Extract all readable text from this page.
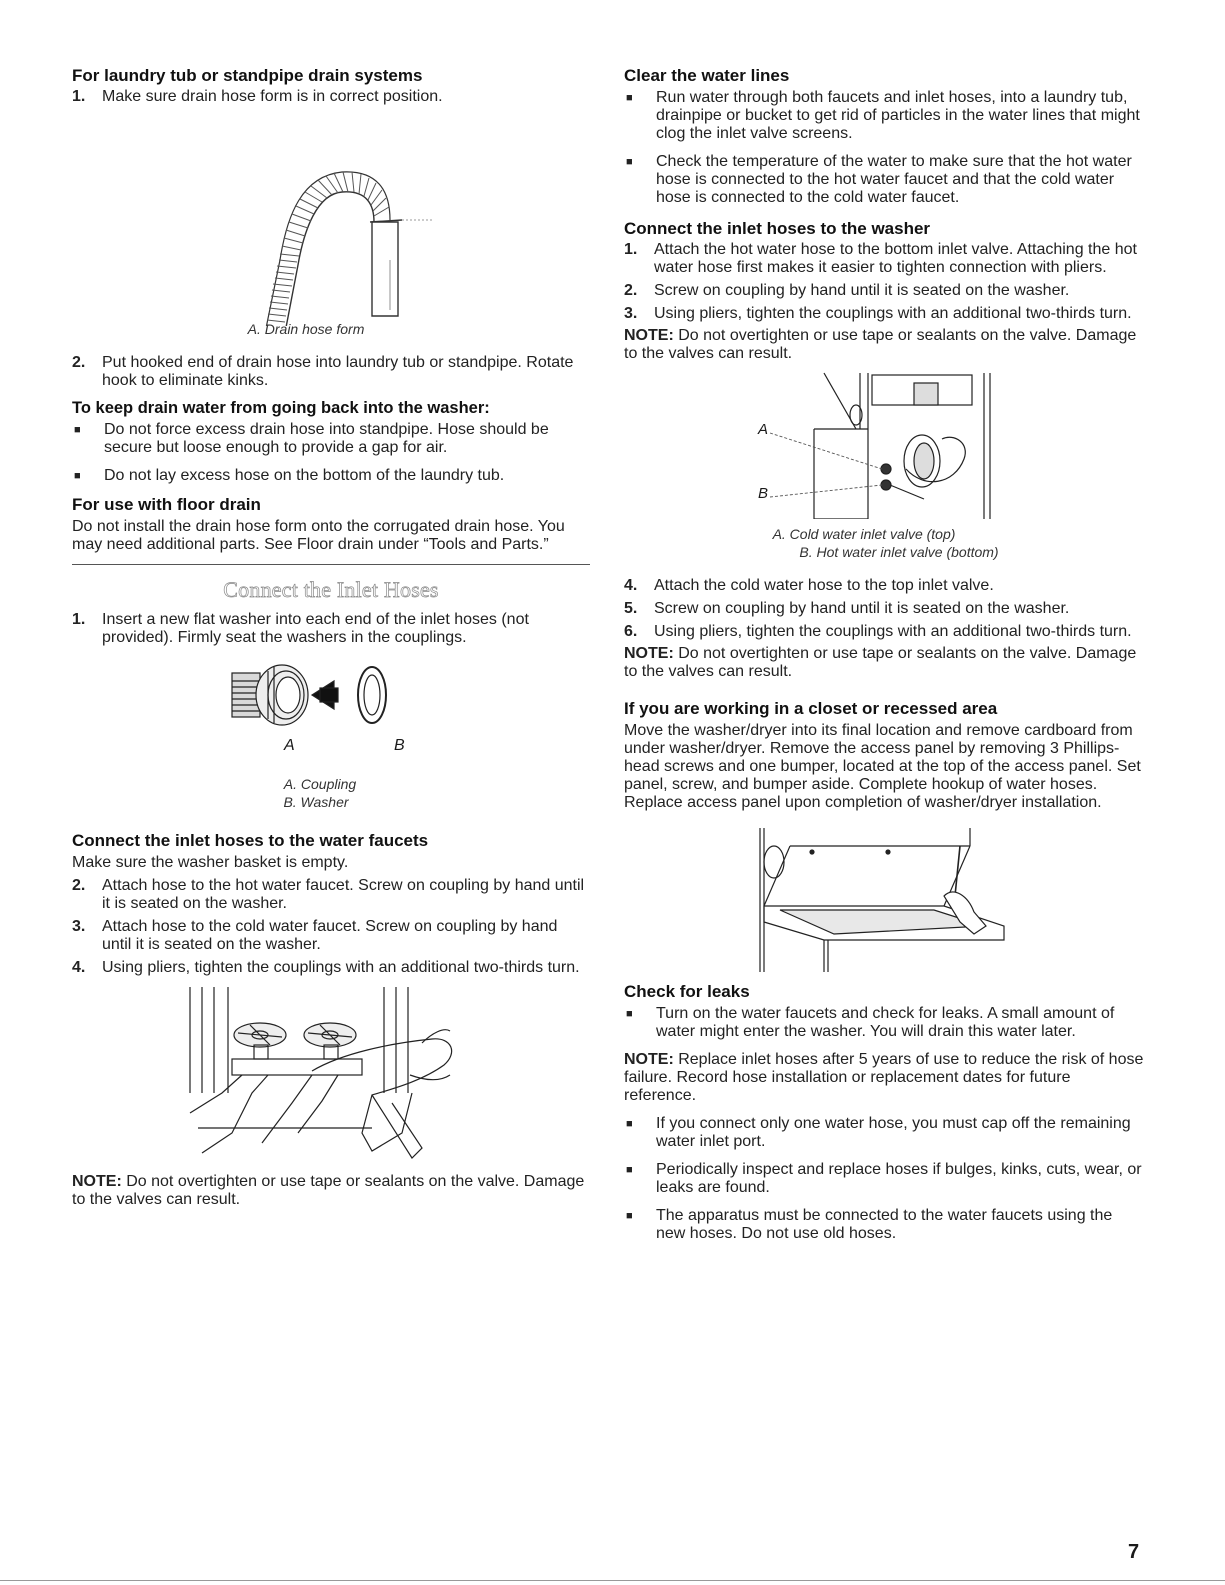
For laundry tub or standpipe drain systems
1.	Make sure drain hose form is in correct position.
A. Drain hose form
2.	Put hooked end of drain hose into laundry tub or standpipe. Rotate hook to eliminate kinks.
To keep drain water from going back into the washer:
■	Do not force excess drain hose into standpipe. Hose should be secure but loose enough to provide a gap for air.
■	Do not lay excess hose on the bottom of the laundry tub.
For use with floor drain

Do not install the drain hose form onto the corrugated drain hose. You may need additional parts. See Floor drain under “Tools and Parts.”

Connect the Inlet Hoses
1.	Insert a new flat washer into each end of the inlet hoses (not provided). Firmly seat the washers in the couplings.
A	B
A. Coupling
B. Washer
Connect the inlet hoses to the water faucets

Make sure the washer basket is empty.

2.	Attach hose to the hot water faucet. Screw on coupling by hand until it is seated on the washer.
3.	Attach hose to the cold water faucet. Screw on coupling by hand until it is seated on the washer.
4.	Using pliers, tighten the couplings with an additional two-thirds turn.

NOTE: Do not overtighten or use tape or sealants on the valve. Damage to the valves can result.

Clear the water lines
■	Run water through both faucets and inlet hoses, into a laundry tub, drainpipe or bucket to get rid of particles in the water lines that might clog the inlet valve screens.
■	Check the temperature of the water to make sure that the hot water hose is connected to the hot water faucet and that the cold water hose is connected to the cold water faucet.
Connect the inlet hoses to the washer
1.	Attach the hot water hose to the bottom inlet valve. Attaching the hot water hose first makes it easier to tighten connection with pliers.
2.	Screw on coupling by hand until it is seated on the washer.
3.	Using pliers, tighten the couplings with an additional two-thirds turn.

NOTE: Do not overtighten or use tape or sealants on the valve. Damage to the valves can result.

A
B
A. Cold water inlet valve (top)
B. Hot water inlet valve (bottom)
4.	Attach the cold water hose to the top inlet valve.
5.	Screw on coupling by hand until it is seated on the washer.
6.	Using pliers, tighten the couplings with an additional two-thirds turn.

NOTE: Do not overtighten or use tape or sealants on the valve. Damage to the valves can result.

If you are working in a closet or recessed area

Move the washer/dryer into its final location and remove cardboard from under washer/dryer. Remove the access panel by removing 3 Phillips-head screws and one bumper, located at the top of the access panel. Set panel, screw, and bumper aside. Complete hookup of water hoses. Replace access panel upon completion of washer/dryer installation.

Check for leaks
■	Turn on the water faucets and check for leaks. A small amount of water might enter the washer. You will drain this water later.

NOTE: Replace inlet hoses after 5 years of use to reduce the risk of hose failure. Record hose installation or replacement dates for future reference.

■	If you connect only one water hose, you must cap off the remaining water inlet port.
■	Periodically inspect and replace hoses if bulges, kinks, cuts, wear, or leaks are found.
■	The apparatus must be connected to the water faucets using the new hoses. Do not use old hoses.
7
